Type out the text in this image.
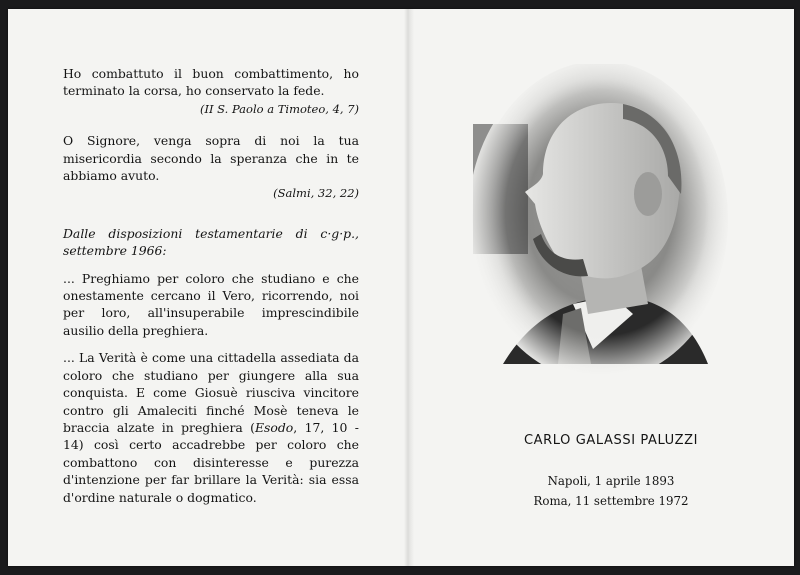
Ho combattuto il buon combattimento, ho terminato la corsa, ho conservato la fede.

(II S. Paolo a Timoteo, 4, 7)

O Signore, venga sopra di noi la tua misericordia secondo la speranza che in te abbiamo avuto.

(Salmi, 32, 22)

Dalle disposizioni testamentarie di c·g·p., settembre 1966:

... Preghiamo per coloro che studiano e che onestamente cercano il Vero, ricorrendo, noi per loro, all'insuperabile imprescindibile ausilio della preghiera.

... La Verità è come una cittadella assediata da coloro che studiano per giungere alla sua conquista. E come Giosuè riusciva vincitore contro gli Amaleciti finché Mosè teneva le braccia alzate in preghiera (Esodo, 17, 10 - 14) così certo accadrebbe per coloro che combattono con disinteresse e purezza d'intenzione per far brillare la Verità: sia essa d'ordine naturale o dogmatico.

CARLO GALASSI PALUZZI
Napoli, 1 aprile 1893
Roma, 11 settembre 1972
